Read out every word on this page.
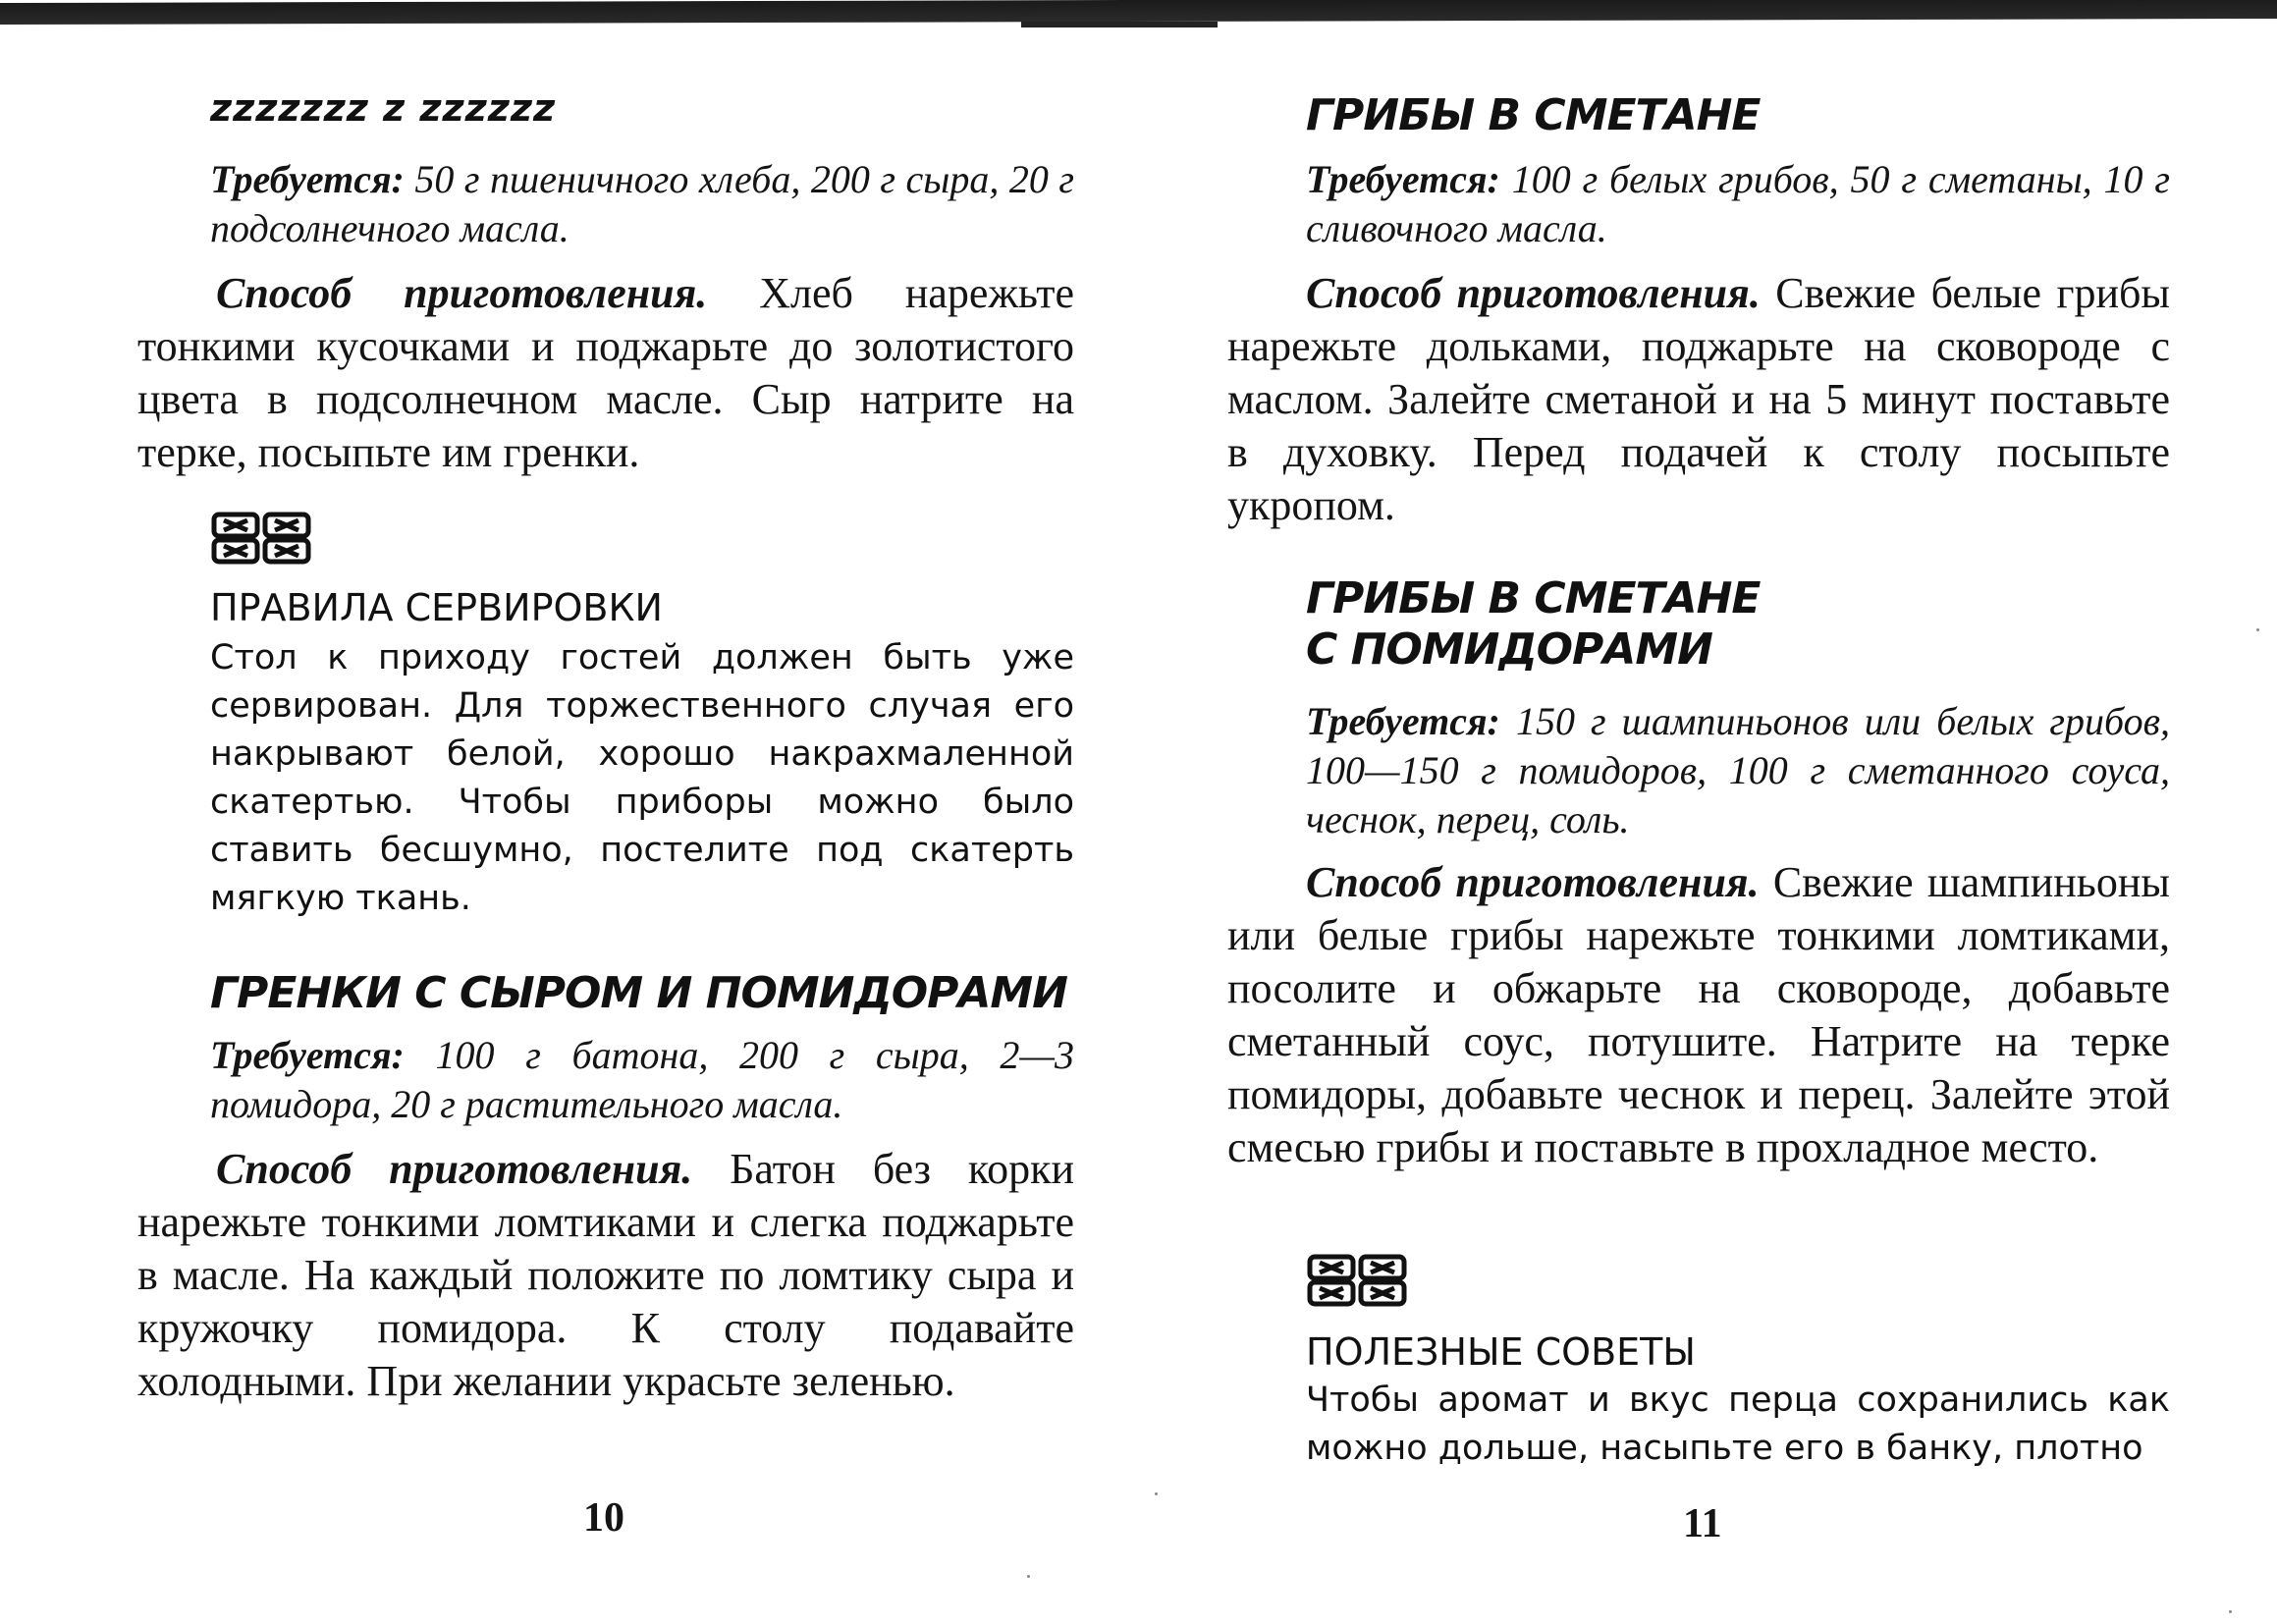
ᴢᴢᴢᴢᴢᴢᴢ ᴢ ᴢᴢᴢᴢᴢᴢ

Требуется: 50 г пшеничного хлеба, 200 г сыра, 20 г подсолнечного масла.

Способ приготовления. Хлеб нарежьте тонкими кусочками и поджарьте до золотистого цвета в подсолнечном масле. Сыр натрите на терке, посыпьте им гренки.

ПРАВИЛА СЕРВИРОВКИ

Стол к приходу гостей должен быть уже сервирован. Для торжественного случая его накрывают белой, хорошо накрахмаленной скатертью. Чтобы приборы можно было ставить бесшумно, постелите под скатерть мягкую ткань.

ГРЕНКИ С СЫРОМ И ПОМИДОРАМИ

Требуется: 100 г батона, 200 г сыра, 2—3 помидора, 20 г растительного масла.

Способ приготовления. Батон без корки нарежьте тонкими ломтиками и слегка поджарьте в масле. На каждый положите по ломтику сыра и кружочку помидора. К столу подавайте холодными. При желании украсьте зеленью.

10
ГРИБЫ В СМЕТАНЕ

Требуется: 100 г белых грибов, 50 г сметаны, 10 г сливочного масла.

Способ приготовления. Свежие белые грибы нарежьте дольками, поджарьте на сковороде с маслом. Залейте сметаной и на 5 минут поставьте в духовку. Перед подачей к столу посыпьте укропом.

ГРИБЫ В СМЕТАНЕ
С ПОМИДОРАМИ

Требуется: 150 г шампиньонов или белых грибов, 100—150 г помидоров, 100 г сметанного соуса, чеснок, перец, соль.

Способ приготовления. Свежие шампиньоны или белые грибы нарежьте тонкими ломтиками, посолите и обжарьте на сковороде, добавьте сметанный соус, потушите. Натрите на терке помидоры, добавьте чеснок и перец. Залейте этой смесью грибы и поставьте в прохладное место.

ПОЛЕЗНЫЕ СОВЕТЫ

Чтобы аромат и вкус перца сохранились как можно дольше, насыпьте его в банку, плотно

11
